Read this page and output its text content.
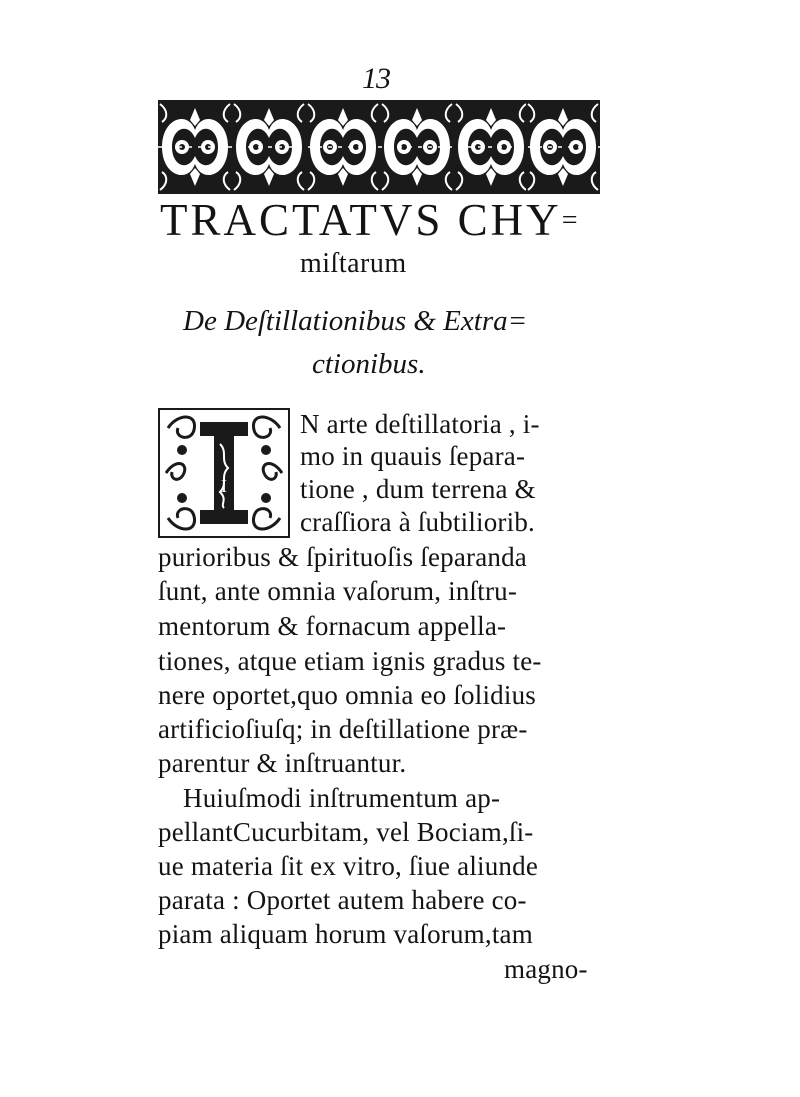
13
TRACTATVS CHY=
miſtarum
De Deſtillationibus & Extra=
ctionibus.
I
N arte deſtillatoria , i-
mo in quauis ſepara-
tione , dum terrena &
craſſiora à ſubtiliorib.
purioribus & ſpirituoſis ſeparanda
ſunt, ante omnia vaſorum, inſtru-
mentorum & fornacum appella-
tiones, atque etiam ignis gradus te-
nere oportet,quo omnia eo ſolidius
artificioſiuſq; in deſtillatione præ-
parentur & inſtruantur.
Huiuſmodi inſtrumentum ap-
pellantCucurbitam, vel Bociam,ſi-
ue materia ſit ex vitro, ſiue aliunde
parata : Oportet autem habere co-
piam aliquam horum vaſorum,tam
magno-
